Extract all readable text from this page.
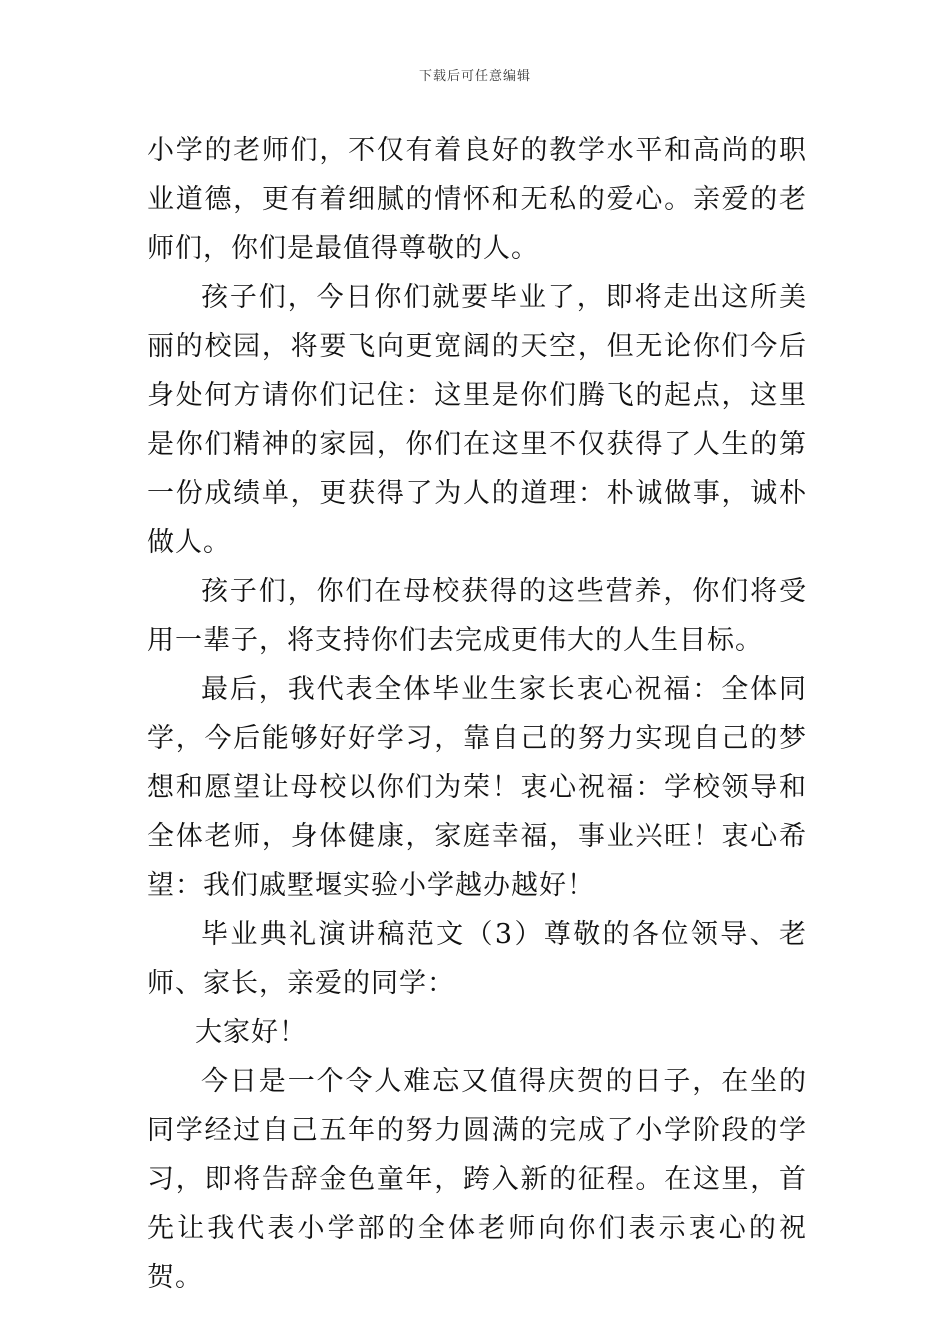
下载后可任意编辑

小学的老师们，不仅有着良好的教学水平和高尚的职业道德，更有着细腻的情怀和无私的爱心。亲爱的老师们，你们是最值得尊敬的人。

孩子们，今日你们就要毕业了，即将走出这所美丽的校园，将要飞向更宽阔的天空，但无论你们今后身处何方请你们记住：这里是你们腾飞的起点，这里是你们精神的家园，你们在这里不仅获得了人生的第一份成绩单，更获得了为人的道理：朴诚做事，诚朴做人。

孩子们，你们在母校获得的这些营养，你们将受用一辈子，将支持你们去完成更伟大的人生目标。

最后，我代表全体毕业生家长衷心祝福：全体同学，今后能够好好学习，靠自己的努力实现自己的梦想和愿望让母校以你们为荣！衷心祝福：学校领导和全体老师，身体健康，家庭幸福，事业兴旺！衷心希望：我们戚墅堰实验小学越办越好！

毕业典礼演讲稿范文（3）尊敬的各位领导、老师、家长，亲爱的同学：

大家好！

今日是一个令人难忘又值得庆贺的日子，在坐的同学经过自己五年的努力圆满的完成了小学阶段的学习，即将告辞金色童年，跨入新的征程。在这里，首先让我代表小学部的全体老师向你们表示衷心的祝贺。
